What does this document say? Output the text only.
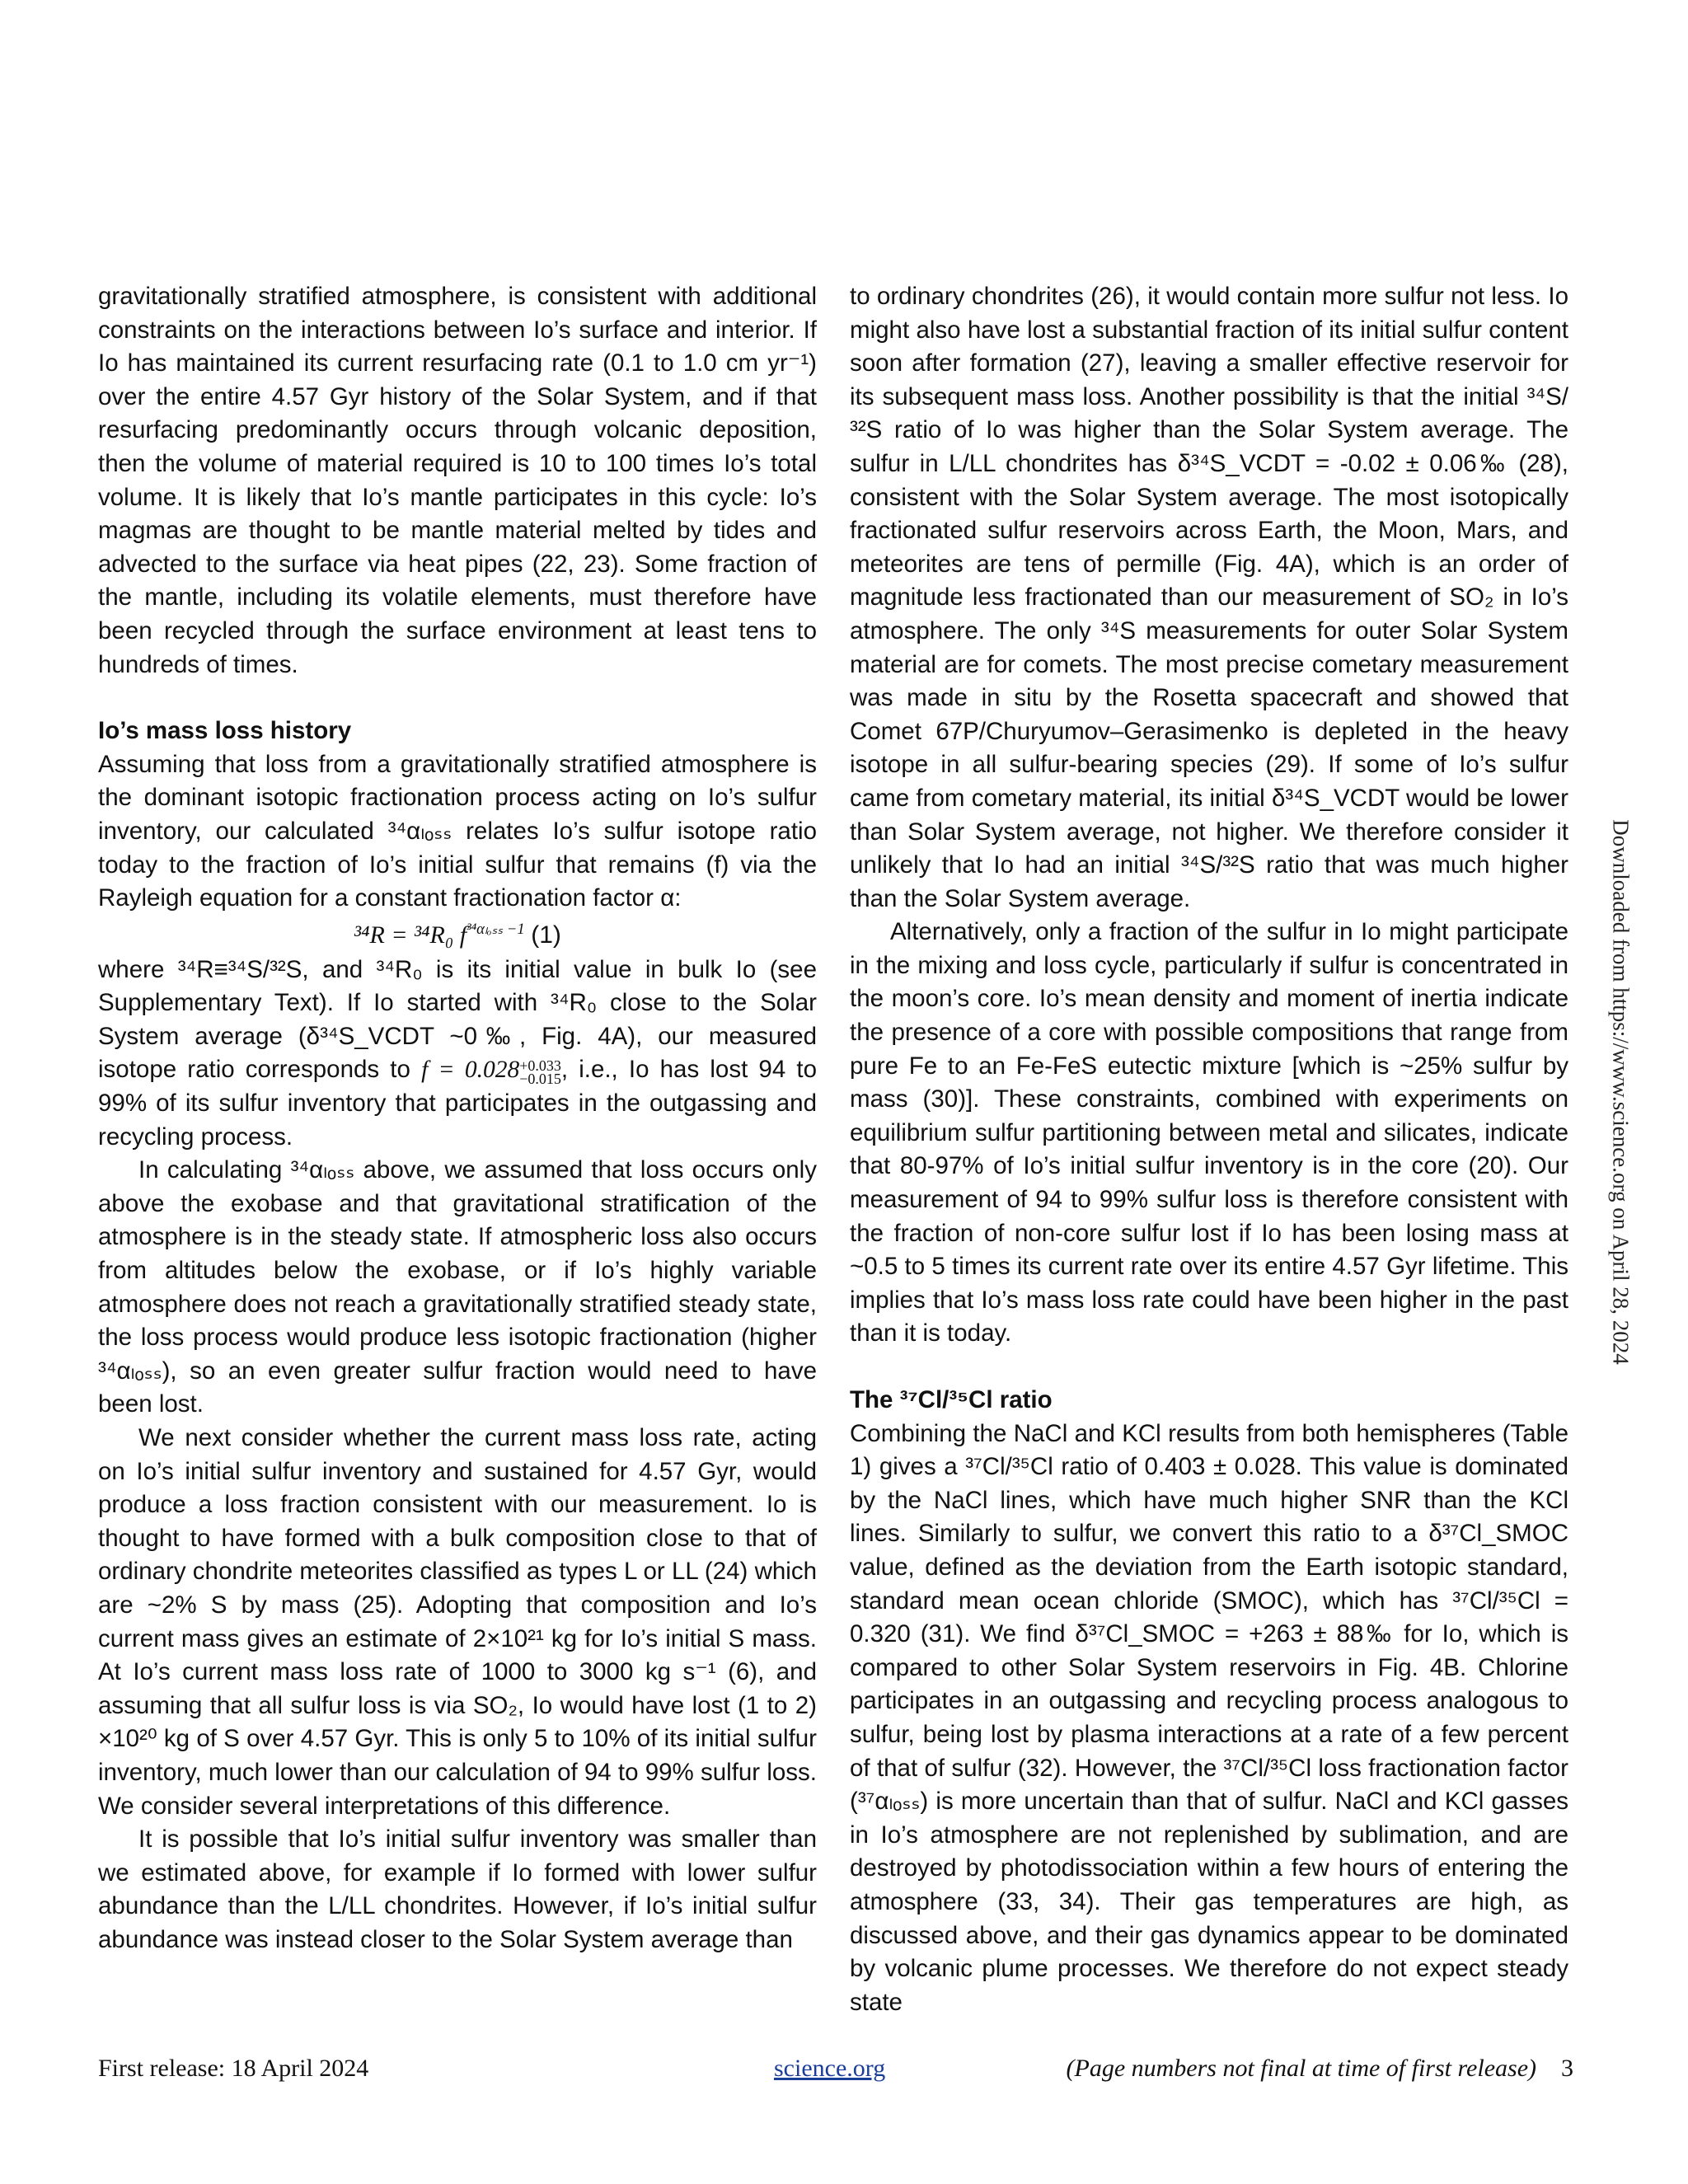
gravitationally stratified atmosphere, is consistent with additional constraints on the interactions between Io’s surface and interior. If Io has maintained its current resurfacing rate (0.1 to 1.0 cm yr⁻¹) over the entire 4.57 Gyr history of the Solar System, and if that resurfacing predominantly occurs through volcanic deposition, then the volume of material required is 10 to 100 times Io’s total volume. It is likely that Io’s mantle participates in this cycle: Io’s magmas are thought to be mantle material melted by tides and advected to the surface via heat pipes (22, 23). Some fraction of the mantle, including its volatile elements, must therefore have been recycled through the surface environment at least tens to hundreds of times.

Io’s mass loss history

Assuming that loss from a gravitationally stratified atmosphere is the dominant isotopic fractionation process acting on Io’s sulfur inventory, our calculated ³⁴αₗₒₛₛ relates Io’s sulfur isotope ratio today to the fraction of Io’s initial sulfur that remains (f) via the Rayleigh equation for a constant fractionation factor α:

³⁴R = ³⁴R₀ $f^{^{34}\alpha_{loss} -1}$ (1)

where ³⁴R≡³⁴S/³²S, and ³⁴R₀ is its initial value in bulk Io (see Supplementary Text). If Io started with ³⁴R₀ close to the Solar System average (δ³⁴S_VCDT ~0‰, Fig. 4A), our measured isotope ratio corresponds to f = 0.028+0.033
−0.015, i.e., Io has lost 94 to 99% of its sulfur inventory that participates in the outgassing and recycling process.

In calculating ³⁴αₗₒₛₛ above, we assumed that loss occurs only above the exobase and that gravitational stratification of the atmosphere is in the steady state. If atmospheric loss also occurs from altitudes below the exobase, or if Io’s highly variable atmosphere does not reach a gravitationally stratified steady state, the loss process would produce less isotopic fractionation (higher ³⁴αₗₒₛₛ), so an even greater sulfur fraction would need to have been lost.

We next consider whether the current mass loss rate, acting on Io’s initial sulfur inventory and sustained for 4.57 Gyr, would produce a loss fraction consistent with our measurement. Io is thought to have formed with a bulk composition close to that of ordinary chondrite meteorites classified as types L or LL (24) which are ~2% S by mass (25). Adopting that composition and Io’s current mass gives an estimate of 2×10²¹ kg for Io’s initial S mass. At Io’s current mass loss rate of 1000 to 3000 kg s⁻¹ (6), and assuming that all sulfur loss is via SO₂, Io would have lost (1 to 2) ×10²⁰ kg of S over 4.57 Gyr. This is only 5 to 10% of its initial sulfur inventory, much lower than our calculation of 94 to 99% sulfur loss. We consider several interpretations of this difference.

It is possible that Io’s initial sulfur inventory was smaller than we estimated above, for example if Io formed with lower sulfur abundance than the L/LL chondrites. However, if Io’s initial sulfur abundance was instead closer to the Solar System average than

to ordinary chondrites (26), it would contain more sulfur not less. Io might also have lost a substantial fraction of its initial sulfur content soon after formation (27), leaving a smaller effective reservoir for its subsequent mass loss. Another possibility is that the initial ³⁴S/³²S ratio of Io was higher than the Solar System average. The sulfur in L/LL chondrites has δ³⁴S_VCDT = -0.02 ± 0.06‰ (28), consistent with the Solar System average. The most isotopically fractionated sulfur reservoirs across Earth, the Moon, Mars, and meteorites are tens of permille (Fig. 4A), which is an order of magnitude less fractionated than our measurement of SO₂ in Io’s atmosphere. The only ³⁴S measurements for outer Solar System material are for comets. The most precise cometary measurement was made in situ by the Rosetta spacecraft and showed that Comet 67P/Churyumov–Gerasimenko is depleted in the heavy isotope in all sulfur-bearing species (29). If some of Io’s sulfur came from cometary material, its initial δ³⁴S_VCDT would be lower than Solar System average, not higher. We therefore consider it unlikely that Io had an initial ³⁴S/³²S ratio that was much higher than the Solar System average.

Alternatively, only a fraction of the sulfur in Io might participate in the mixing and loss cycle, particularly if sulfur is concentrated in the moon’s core. Io’s mean density and moment of inertia indicate the presence of a core with possible compositions that range from pure Fe to an Fe-FeS eutectic mixture [which is ~25% sulfur by mass (30)]. These constraints, combined with experiments on equilibrium sulfur partitioning between metal and silicates, indicate that 80-97% of Io’s initial sulfur inventory is in the core (20). Our measurement of 94 to 99% sulfur loss is therefore consistent with the fraction of non-core sulfur lost if Io has been losing mass at ~0.5 to 5 times its current rate over its entire 4.57 Gyr lifetime. This implies that Io’s mass loss rate could have been higher in the past than it is today.

The ³⁷Cl/³⁵Cl ratio

Combining the NaCl and KCl results from both hemispheres (Table 1) gives a ³⁷Cl/³⁵Cl ratio of 0.403 ± 0.028. This value is dominated by the NaCl lines, which have much higher SNR than the KCl lines. Similarly to sulfur, we convert this ratio to a δ³⁷Cl_SMOC value, defined as the deviation from the Earth isotopic standard, standard mean ocean chloride (SMOC), which has ³⁷Cl/³⁵Cl = 0.320 (31). We find δ³⁷Cl_SMOC = +263 ± 88‰ for Io, which is compared to other Solar System reservoirs in Fig. 4B. Chlorine participates in an outgassing and recycling process analogous to sulfur, being lost by plasma interactions at a rate of a few percent of that of sulfur (32). However, the ³⁷Cl/³⁵Cl loss fractionation factor (³⁷αₗₒₛₛ) is more uncertain than that of sulfur. NaCl and KCl gasses in Io’s atmosphere are not replenished by sublimation, and are destroyed by photodissociation within a few hours of entering the atmosphere (33, 34). Their gas temperatures are high, as discussed above, and their gas dynamics appear to be dominated by volcanic plume processes. We therefore do not expect steady state

Downloaded from https://www.science.org on April 28, 2024
First release: 18 April 2024	science.org	(Page numbers not final at time of first release) 3
